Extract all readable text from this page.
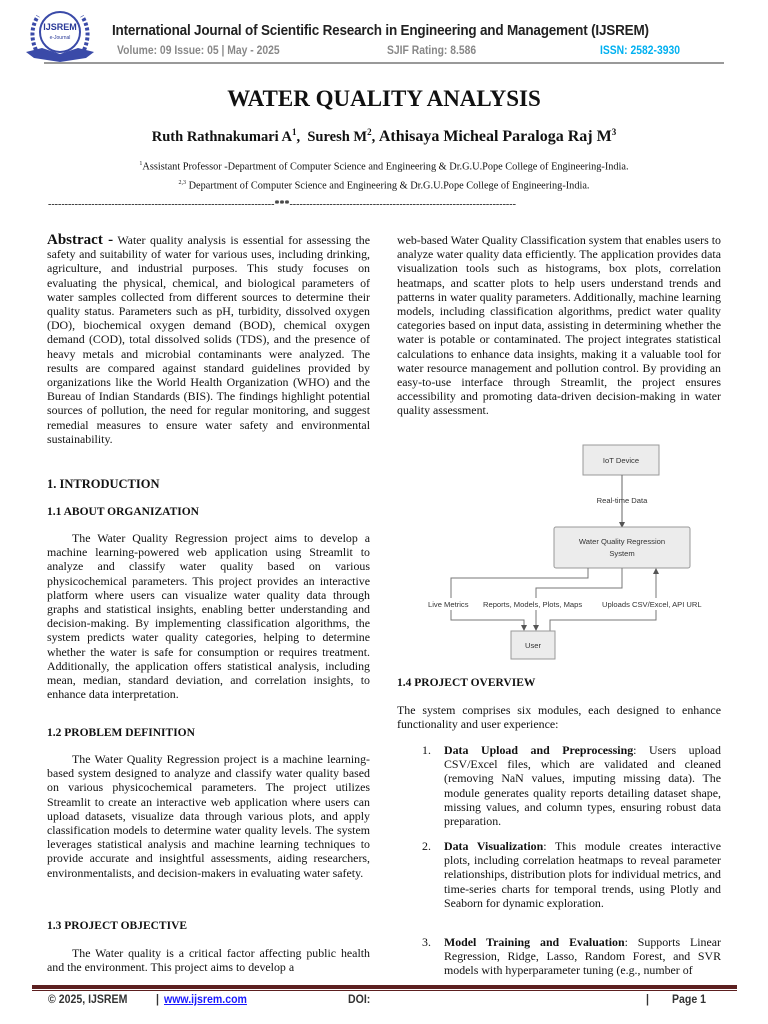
IJSREM
e-Journal	International Journal of Scientific Research in Engineering and Management (IJSREM)
Volume: 09 Issue: 05 | May - 2025	SJIF Rating: 8.586	ISSN: 2582-3930
WATER QUALITY ANALYSIS
Ruth Rathnakumari $A^1$,  Suresh $M^2$, Athisaya Micheal Paraloga Raj $M^3$
$^1$Assistant Professor -Department of Computer Science and Engineering & Dr.G.U.Pope College of Engineering-India.
$^{2,3}$ Department of Computer Science and Engineering & Dr.G.U.Pope College of Engineering-India.
--------------------------------------------------------------------***--------------------------------------------------------------------

Abstract - Water quality analysis is essential for assessing the safety and suitability of water for various uses, including drinking, agriculture, and industrial purposes. This study focuses on evaluating the physical, chemical, and biological parameters of water samples collected from different sources to determine their quality status. Parameters such as pH, turbidity, dissolved oxygen (DO), biochemical oxygen demand (BOD), chemical oxygen demand (COD), total dissolved solids (TDS), and the presence of heavy metals and microbial contaminants were analyzed. The results are compared against standard guidelines provided by organizations like the World Health Organization (WHO) and the Bureau of Indian Standards (BIS). The findings highlight potential sources of pollution, the need for regular monitoring, and suggest remedial measures to ensure water safety and environmental sustainability.

1. INTRODUCTION
1.1 ABOUT ORGANIZATION

The Water Quality Regression project aims to develop a machine learning-powered web application using Streamlit to analyze and classify water quality based on various physicochemical parameters. This project provides an interactive platform where users can visualize water quality data through graphs and statistical insights, enabling better understanding and decision-making. By implementing classification algorithms, the system predicts water quality categories, helping to determine whether the water is safe for consumption or requires treatment. Additionally, the application offers statistical analysis, including mean, median, standard deviation, and correlation insights, to enhance data interpretation.

1.2 PROBLEM DEFINITION

The Water Quality Regression project is a machine learning-based system designed to analyze and classify water quality based on various physicochemical parameters. The project utilizes Streamlit to create an interactive web application where users can upload datasets, visualize data through various plots, and apply classification models to determine water quality levels. The system leverages statistical analysis and machine learning techniques to provide accurate and insightful assessments, aiding researchers, environmentalists, and decision-makers in evaluating water safety.

1.3 PROJECT OBJECTIVE

The Water quality is a critical factor affecting public health and the environment. This project aims to develop a

web-based Water Quality Classification system that enables users to analyze water quality data efficiently. The application provides data visualization tools such as histograms, box plots, correlation heatmaps, and scatter plots to help users understand trends and patterns in water quality parameters. Additionally, machine learning models, including classification algorithms, predict water quality categories based on input data, assisting in determining whether the water is potable or contaminated. The project integrates statistical calculations to enhance data insights, making it a valuable tool for water resource management and pollution control. By providing an easy-to-use interface through Streamlit, the project ensures accessibility and promoting data-driven decision-making in water quality assessment.

IoT Device
Real-time Data
Water Quality Regression
System
Live Metrics Reports, Models, Plots, Maps	Uploads CSV/Excel, API URL
User
1.4 PROJECT OVERVIEW

The system comprises six modules, each designed to enhance functionality and user experience:

1. Data Upload and Preprocessing: Users upload CSV/Excel files, which are validated and cleaned (removing NaN values, imputing missing data). The module generates quality reports detailing dataset shape, missing values, and column types, ensuring robust data preparation.
2. Data Visualization: This module creates interactive plots, including correlation heatmaps to reveal parameter relationships, distribution plots for individual metrics, and time-series charts for temporal trends, using Plotly and Seaborn for dynamic exploration.
3. Model Training and Evaluation: Supports Linear Regression, Ridge, Lasso, Random Forest, and SVR models with hyperparameter tuning (e.g., number of
© 2025, IJSREM | www.ijsrem.com	DOI:	| Page 1
